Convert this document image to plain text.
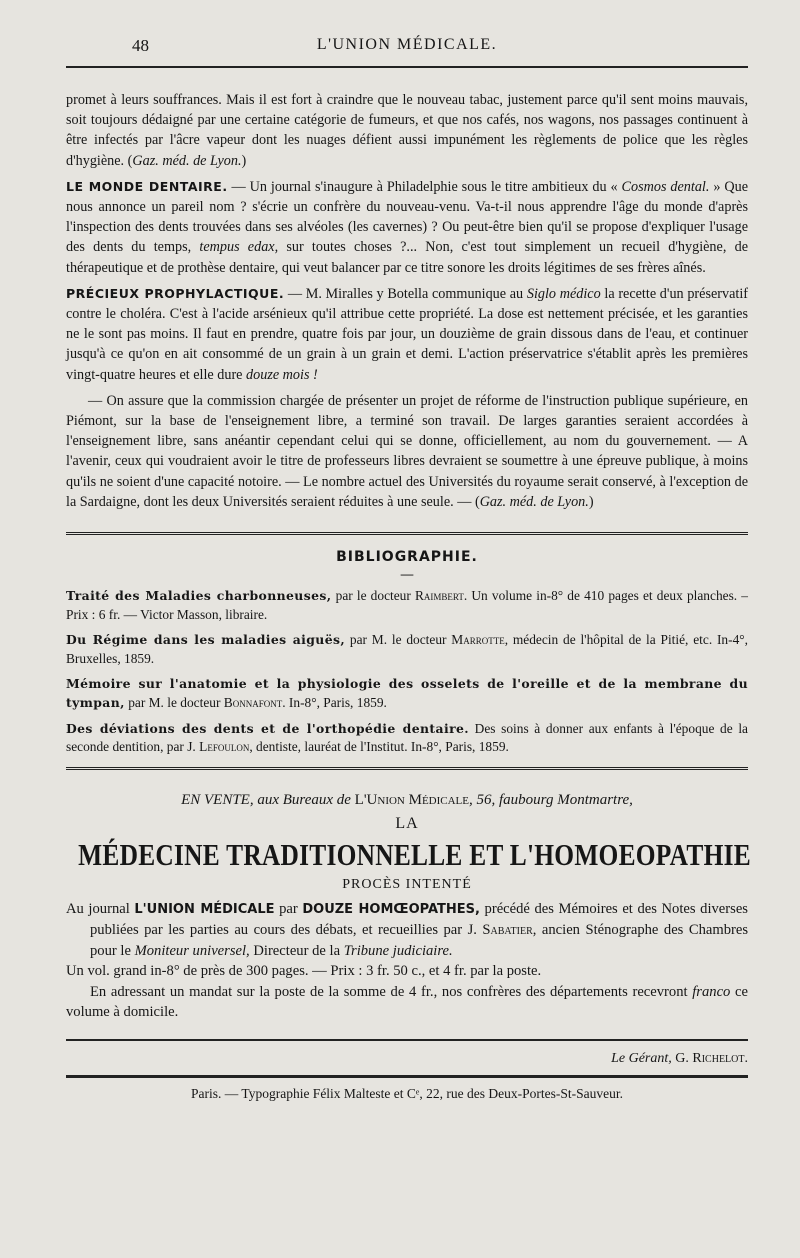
48	L'UNION MÉDICALE.

promet à leurs souffrances. Mais il est fort à craindre que le nouveau tabac, justement parce qu'il sent moins mauvais, soit toujours dédaigné par une certaine catégorie de fumeurs, et que nos cafés, nos wagons, nos passages continuent à être infectés par l'âcre vapeur dont les nuages défient aussi impunément les règlements de police que les règles d'hygiène. (Gaz. méd. de Lyon.)

LE MONDE DENTAIRE. — Un journal s'inaugure à Philadelphie sous le titre ambitieux du « Cosmos dental. » Que nous annonce un pareil nom ? s'écrie un confrère du nouveau-venu. Va-t-il nous apprendre l'âge du monde d'après l'inspection des dents trouvées dans ses alvéoles (les cavernes) ? Ou peut-être bien qu'il se propose d'expliquer l'usage des dents du temps, tempus edax, sur toutes choses ?... Non, c'est tout simplement un recueil d'hygiène, de thérapeutique et de prothèse dentaire, qui veut balancer par ce titre sonore les droits légitimes de ses frères aînés.

PRÉCIEUX PROPHYLACTIQUE. — M. Miralles y Botella communique au Siglo médico la recette d'un préservatif contre le choléra. C'est à l'acide arsénieux qu'il attribue cette propriété. La dose est nettement précisée, et les garanties ne le sont pas moins. Il faut en prendre, quatre fois par jour, un douzième de grain dissous dans de l'eau, et continuer jusqu'à ce qu'on en ait consommé de un grain à un grain et demi. L'action préservatrice s'établit après les premières vingt-quatre heures et elle dure douze mois !

— On assure que la commission chargée de présenter un projet de réforme de l'instruction publique supérieure, en Piémont, sur la base de l'enseignement libre, a terminé son travail. De larges garanties seraient accordées à l'enseignement libre, sans anéantir cependant celui qui se donne, officiellement, au nom du gouvernement. — A l'avenir, ceux qui voudraient avoir le titre de professeurs libres devraient se soumettre à une épreuve publique, à moins qu'ils ne soient d'une capacité notoire. — Le nombre actuel des Universités du royaume serait conservé, à l'exception de la Sardaigne, dont les deux Universités seraient réduites à une seule. — (Gaz. méd. de Lyon.)

BIBLIOGRAPHIE.
—

Traité des Maladies charbonneuses, par le docteur Raimbert. Un volume in-8° de 410 pages et deux planches. – Prix : 6 fr. — Victor Masson, libraire.

Du Régime dans les maladies aiguës, par M. le docteur Marrotte, médecin de l'hôpital de la Pitié, etc. In-4°, Bruxelles, 1859.

Mémoire sur l'anatomie et la physiologie des osselets de l'oreille et de la membrane du tympan, par M. le docteur Bonnafont. In-8°, Paris, 1859.

Des déviations des dents et de l'orthopédie dentaire. Des soins à donner aux enfants à l'époque de la seconde dentition, par J. Lefoulon, dentiste, lauréat de l'Institut. In-8°, Paris, 1859.

EN VENTE, aux Bureaux de L'Union Médicale, 56, faubourg Montmartre,
LA
MÉDECINE TRADITIONNELLE ET L'HOMOEOPATHIE
PROCÈS INTENTÉ

Au journal L'UNION MÉDICALE par DOUZE HOMŒOPATHES, précédé des Mémoires et des Notes diverses publiées par les parties au cours des débats, et recueillies par J. Sabatier, ancien Sténographe des Chambres pour le Moniteur universel, Directeur de la Tribune judiciaire.

Un vol. grand in-8° de près de 300 pages. — Prix : 3 fr. 50 c., et 4 fr. par la poste.

En adressant un mandat sur la poste de la somme de 4 fr., nos confrères des départements recevront franco ce volume à domicile.

Le Gérant, G. Richelot.
Paris. — Typographie Félix Malteste et Cᵉ, 22, rue des Deux-Portes-St-Sauveur.
